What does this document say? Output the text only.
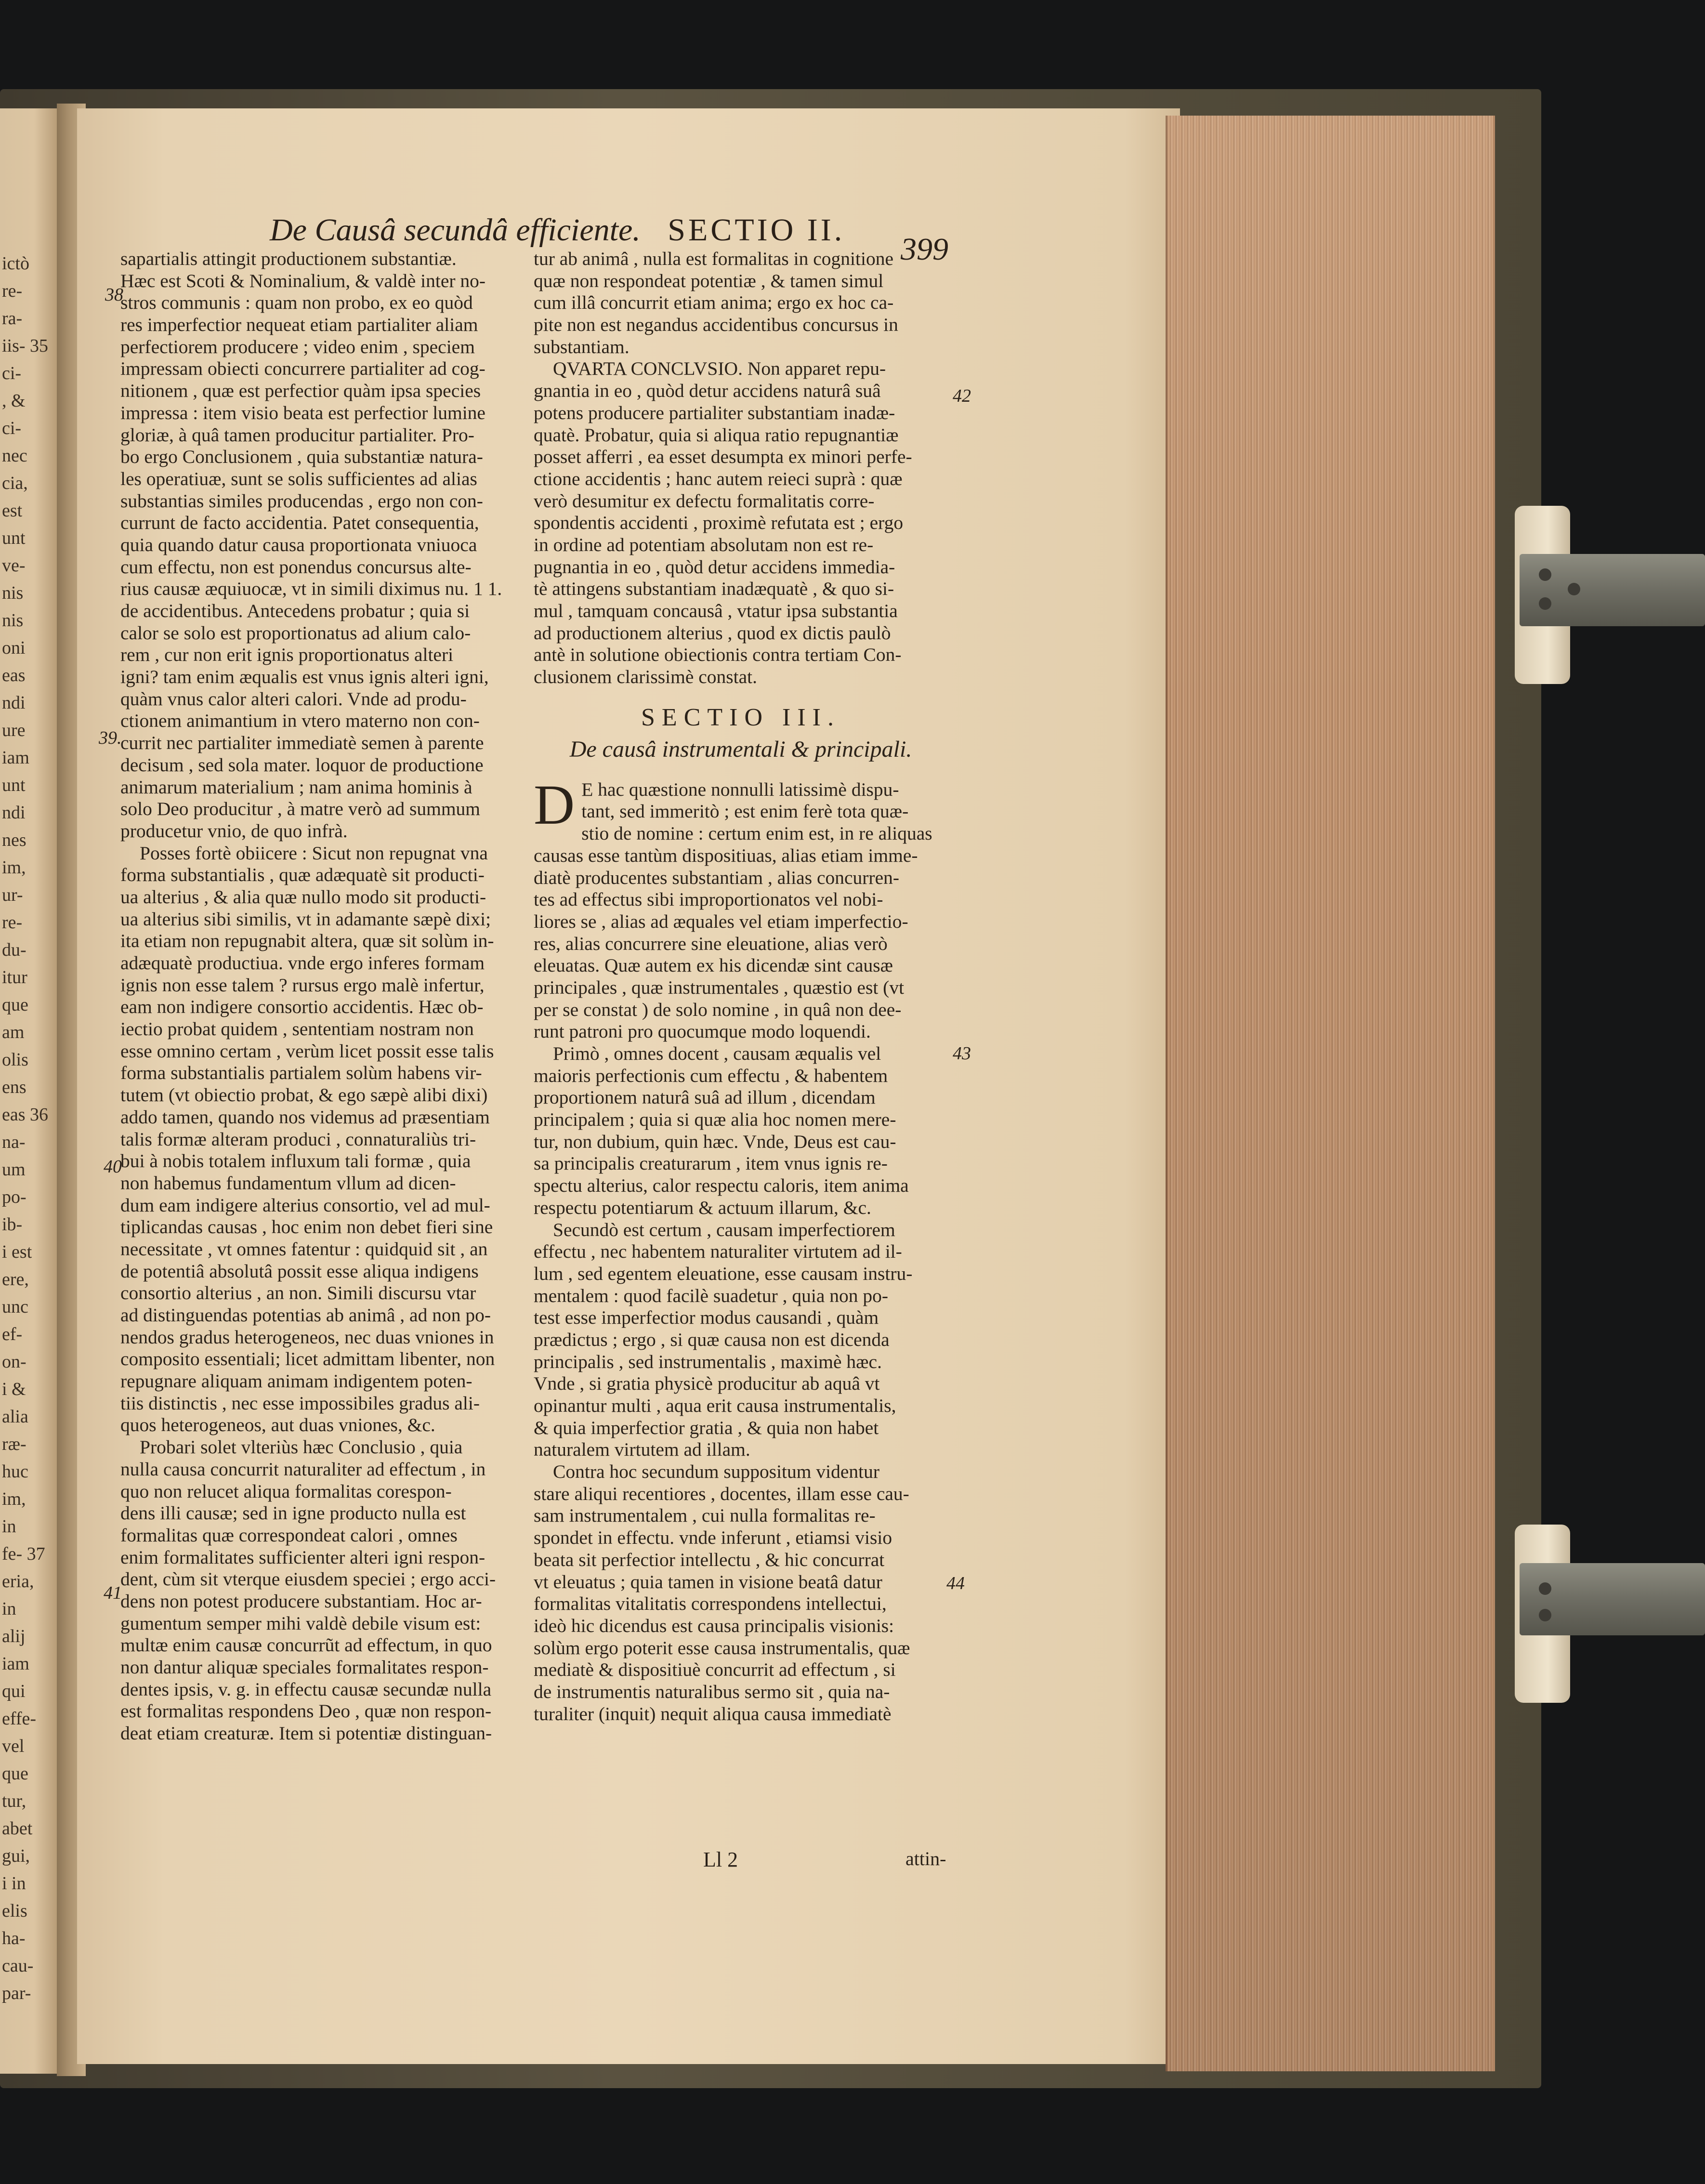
ictò
re-
ra-
iis- 35
ci-
, &
ci-
nec
cia,
est
unt
ve-
nis
nis
oni
eas
ndi
ure
iam
unt
ndi
nes
im,
ur-
re-
du-
itur
que
am
olis
ens
eas 36
na-
um
po-
ib-
i est
ere,
unc
ef-
on-
i &
alia
ræ-
huc
im,
in
fe- 37
eria,
in
alij
iam
qui
effe-
vel
que
tur,
abet
gui,
i in
elis
ha-
cau-
par-
De Causâ secundâ efficiente. SECTIO II.
399
sapartialis attingit productionem substantiæ.
Hæc est Scoti & Nominalium, & valdè inter no-
stros communis : quam non probo, ex eo quòd
res imperfectior nequeat etiam partialiter aliam
perfectiorem producere ; video enim , speciem
impressam obiecti concurrere partialiter ad cog-
nitionem , quæ est perfectior quàm ipsa species
impressa : item visio beata est perfectior lumine
gloriæ, à quâ tamen producitur partialiter. Pro-
bo ergo Conclusionem , quia substantiæ natura-
les operatiuæ, sunt se solis sufficientes ad alias
substantias similes producendas , ergo non con-
currunt de facto accidentia. Patet consequentia,
quia quando datur causa proportionata vniuoca
cum effectu, non est ponendus concursus alte-
rius causæ æquiuocæ, vt in simili diximus nu. 1 1.
de accidentibus. Antecedens probatur ; quia si
calor se solo est proportionatus ad alium calo-
rem , cur non erit ignis proportionatus alteri
igni? tam enim æqualis est vnus ignis alteri igni,
quàm vnus calor alteri calori. Vnde ad produ-
ctionem animantium in vtero materno non con-
currit nec partialiter immediatè semen à parente
decisum , sed sola mater. loquor de productione
animarum materialium ; nam anima hominis à
solo Deo producitur , à matre verò ad summum
producetur vnio, de quo infrà.
Posses fortè obiicere : Sicut non repugnat vna
forma substantialis , quæ adæquatè sit producti-
ua alterius , & alia quæ nullo modo sit producti-
ua alterius sibi similis, vt in adamante sæpè dixi;
ita etiam non repugnabit altera, quæ sit solùm in-
adæquatè productiua. vnde ergo inferes formam
ignis non esse talem ? rursus ergo malè infertur,
eam non indigere consortio accidentis. Hæc ob-
iectio probat quidem , sententiam nostram non
esse omnino certam , verùm licet possit esse talis
forma substantialis partialem solùm habens vir-
tutem (vt obiectio probat, & ego sæpè alibi dixi)
addo tamen, quando nos videmus ad præsentiam
talis formæ alteram produci , connaturaliùs tri-
bui à nobis totalem influxum tali formæ , quia
non habemus fundamentum vllum ad dicen-
dum eam indigere alterius consortio, vel ad mul-
tiplicandas causas , hoc enim non debet fieri sine
necessitate , vt omnes fatentur : quidquid sit , an
de potentiâ absolutâ possit esse aliqua indigens
consortio alterius , an non. Simili discursu vtar
ad distinguendas potentias ab animâ , ad non po-
nendos gradus heterogeneos, nec duas vniones in
composito essentiali; licet admittam libenter, non
repugnare aliquam animam indigentem poten-
tiis distinctis , nec esse impossibiles gradus ali-
quos heterogeneos, aut duas vniones, &c.
Probari solet vlteriùs hæc Conclusio , quia
nulla causa concurrit naturaliter ad effectum , in
quo non relucet aliqua formalitas corespon-
dens illi causæ; sed in igne producto nulla est
formalitas quæ correspondeat calori , omnes
enim formalitates sufficienter alteri igni respon-
dent, cùm sit vterque eiusdem speciei ; ergo acci-
dens non potest producere substantiam. Hoc ar-
gumentum semper mihi valdè debile visum est:
multæ enim causæ concurrũt ad effectum, in quo
non dantur aliquæ speciales formalitates respon-
dentes ipsis, v. g. in effectu causæ secundæ nulla
est formalitas respondens Deo , quæ non respon-
deat etiam creaturæ. Item si potentiæ distinguan-
tur ab animâ , nulla est formalitas in cognitione
quæ non respondeat potentiæ , & tamen simul
cum illâ concurrit etiam anima; ergo ex hoc ca-
pite non est negandus accidentibus concursus in
substantiam.
QVARTA CONCLVSIO. Non apparet repu-
gnantia in eo , quòd detur accidens naturâ suâ
potens producere partialiter substantiam inadæ-
quatè. Probatur, quia si aliqua ratio repugnantiæ
posset afferri , ea esset desumpta ex minori perfe-
ctione accidentis ; hanc autem reieci suprà : quæ
verò desumitur ex defectu formalitatis corre-
spondentis accidenti , proximè refutata est ; ergo
in ordine ad potentiam absolutam non est re-
pugnantia in eo , quòd detur accidens immedia-
tè attingens substantiam inadæquatè , & quo si-
mul , tamquam concausâ , vtatur ipsa substantia
ad productionem alterius , quod ex dictis paulò
antè in solutione obiectionis contra tertiam Con-
clusionem clarissimè constat.
SECTIO III.
De causâ instrumentali & principali.
D E hac quæstione nonnulli latissimè dispu-
tant, sed immeritò ; est enim ferè tota quæ-
stio de nomine : certum enim est, in re aliquas
causas esse tantùm dispositiuas, alias etiam imme-
diatè producentes substantiam , alias concurren-
tes ad effectus sibi improportionatos vel nobi-
liores se , alias ad æquales vel etiam imperfectio-
res, alias concurrere sine eleuatione, alias verò
eleuatas. Quæ autem ex his dicendæ sint causæ
principales , quæ instrumentales , quæstio est (vt
per se constat ) de solo nomine , in quâ non dee-
runt patroni pro quocumque modo loquendi.
Primò , omnes docent , causam æqualis vel
maioris perfectionis cum effectu , & habentem
proportionem naturâ suâ ad illum , dicendam
principalem ; quia si quæ alia hoc nomen mere-
tur, non dubium, quin hæc. Vnde, Deus est cau-
sa principalis creaturarum , item vnus ignis re-
spectu alterius, calor respectu caloris, item anima
respectu potentiarum & actuum illarum, &c.
Secundò est certum , causam imperfectiorem
effectu , nec habentem naturaliter virtutem ad il-
lum , sed egentem eleuatione, esse causam instru-
mentalem : quod facilè suadetur , quia non po-
test esse imperfectior modus causandi , quàm
prædictus ; ergo , si quæ causa non est dicenda
principalis , sed instrumentalis , maximè hæc.
Vnde , si gratia physicè producitur ab aquâ vt
opinantur multi , aqua erit causa instrumentalis,
& quia imperfectior gratia , & quia non habet
naturalem virtutem ad illam.
Contra hoc secundum suppositum videntur
stare aliqui recentiores , docentes, illam esse cau-
sam instrumentalem , cui nulla formalitas re-
spondet in effectu. vnde inferunt , etiamsi visio
beata sit perfectior intellectu , & hic concurrat
vt eleuatus ; quia tamen in visione beatâ datur
formalitas vitalitatis correspondens intellectui,
ideò hic dicendus est causa principalis visionis:
solùm ergo poterit esse causa instrumentalis, quæ
mediatè & dispositiuè concurrit ad effectum , si
de instrumentis naturalibus sermo sit , quia na-
turaliter (inquit) nequit aliqua causa immediatè
38
39.
40
41
42
43
44
Ll 2	attin-
